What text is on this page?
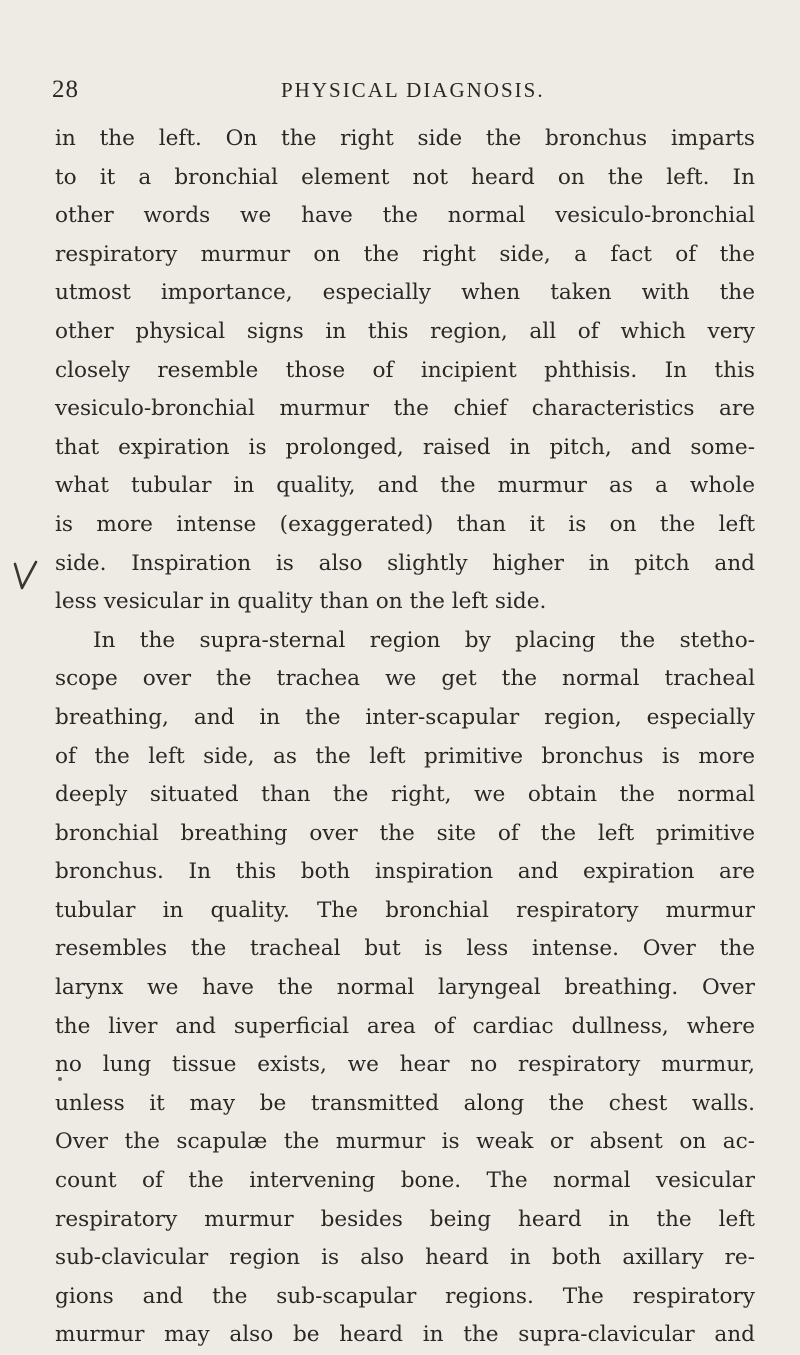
28	PHYSICAL DIAGNOSIS.
in the left. On the right side the bronchus imparts
to it a bronchial element not heard on the left. In
other words we have the normal vesiculo-bronchial
respiratory murmur on the right side, a fact of the
utmost importance, especially when taken with the
other physical signs in this region, all of which very
closely resemble those of incipient phthisis. In this
vesiculo-bronchial murmur the chief characteristics are
that expiration is prolonged, raised in pitch, and some-
what tubular in quality, and the murmur as a whole
is more intense (exaggerated) than it is on the left
side. Inspiration is also slightly higher in pitch and
less vesicular in quality than on the left side.
In the supra-sternal region by placing the stetho-
scope over the trachea we get the normal tracheal
breathing, and in the inter-scapular region, especially
of the left side, as the left primitive bronchus is more
deeply situated than the right, we obtain the normal
bronchial breathing over the site of the left primitive
bronchus. In this both inspiration and expiration are
tubular in quality. The bronchial respiratory murmur
resembles the tracheal but is less intense. Over the
larynx we have the normal laryngeal breathing. Over
the liver and superficial area of cardiac dullness, where
no lung tissue exists, we hear no respiratory murmur,
unless it may be transmitted along the chest walls.
Over the scapulæ the murmur is weak or absent on ac-
count of the intervening bone. The normal vesicular
respiratory murmur besides being heard in the left
sub-clavicular region is also heard in both axillary re-
gions and the sub-scapular regions. The respiratory
murmur may also be heard in the supra-clavicular and
